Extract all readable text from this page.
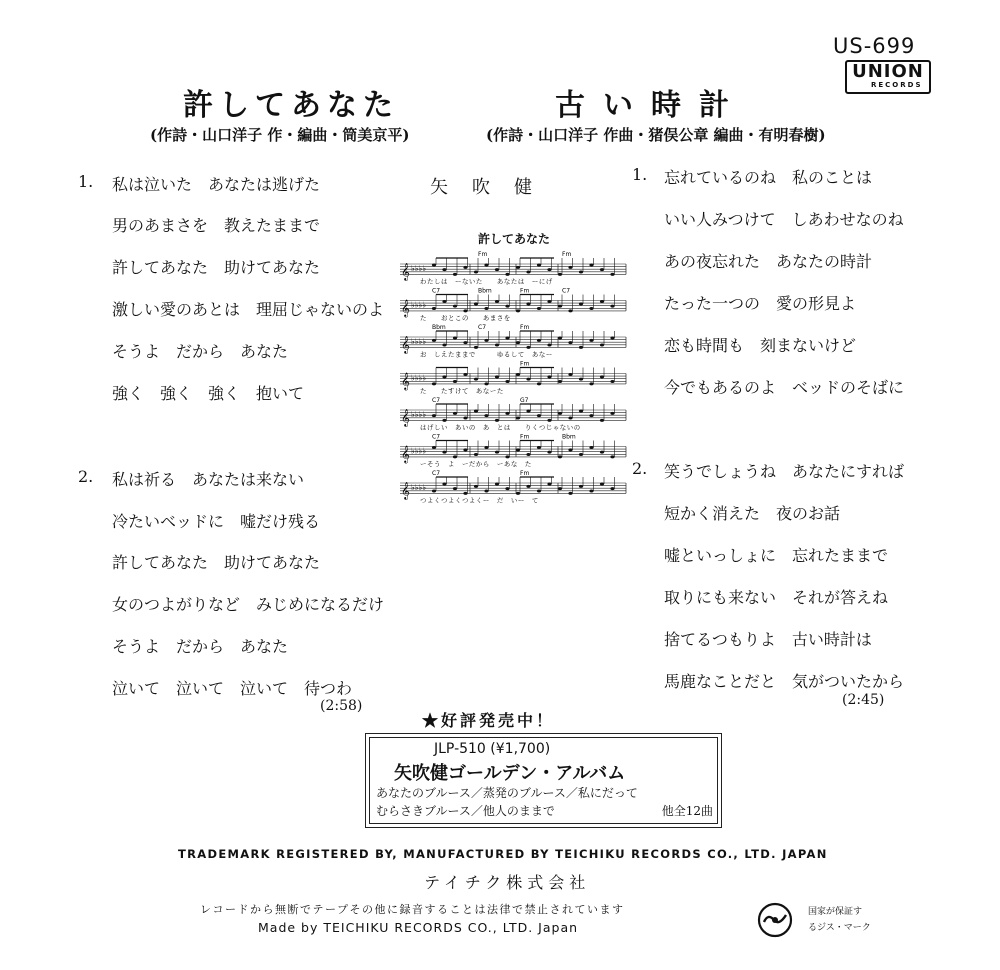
US-699
UNION
RECORDS
許してあなた	古い時計
(作詩・山口洋子 作・編曲・筒美京平)	(作詩・山口洋子 作曲・猪俣公章 編曲・有明春樹)
矢吹健
1. 私は泣いた　あなたは逃げた
男のあまさを　教えたままで
許してあなた　助けてあなた
激しい愛のあとは　理屈じゃないのよ
そうよ　だから　あなた
強く　強く　強く　抱いて
2. 私は祈る　あなたは来ない
冷たいベッドに　嘘だけ残る
許してあなた　助けてあなた
女のつよがりなど　みじめになるだけ
そうよ　だから　あなた
泣いて　泣いて　泣いて　待つわ
(2:58)
1. 忘れているのね　私のことは
いい人みつけて　しあわせなのね
あの夜忘れた　あなたの時計
たった一つの　愛の形見よ
恋も時間も　刻まないけど
今でもあるのよ　ベッドのそばに
2. 笑うでしょうね　あなたにすれば
短かく消えた　夜のお話
嘘といっしょに　忘れたままで
取りにも来ない　それが答えね
捨てるつもりよ　古い時計は
馬鹿なことだと　気がついたから
(2:45)
許してあなた
𝄞 ♭♭♭♭
Fm	Fm
わたしは　ーないた　　あなたは　ーにげ
𝄞 ♭♭♭♭
C7	Bbm	Fm	C7
た　　おとこの　　あまさを
𝄞 ♭♭♭♭
Bbm	C7	Fm
お　しえたままで　　　ゆるして　あなー
𝄞 ♭♭♭♭
Fm
た　　たすけて　あなーた
𝄞 ♭♭♭♭
C7	G7
はげしい　あいの　あ　とは　　りくつじゃないの
𝄞 ♭♭♭♭
C7	Fm	Bbm
ーそう　よ　ーだから　ーあな　た
𝄞 ♭♭♭♭
C7	Fm
つよくつよくつよくー　だ　いー　て
★好評発売中！
JLP-510 (¥1,700)
矢吹健ゴールデン・アルバム
あなたのブルース／蒸発のブルース／私にだって
むらさきブルース／他人のままで	他全12曲
TRADEMARK REGISTERED BY, MANUFACTURED BY TEICHIKU RECORDS CO., LTD. JAPAN
テイチク株式会社
レコードから無断でテープその他に録音することは法律で禁止されています
Made by TEICHIKU RECORDS CO., LTD. Japan
国家が保証す
るジス・マーク
